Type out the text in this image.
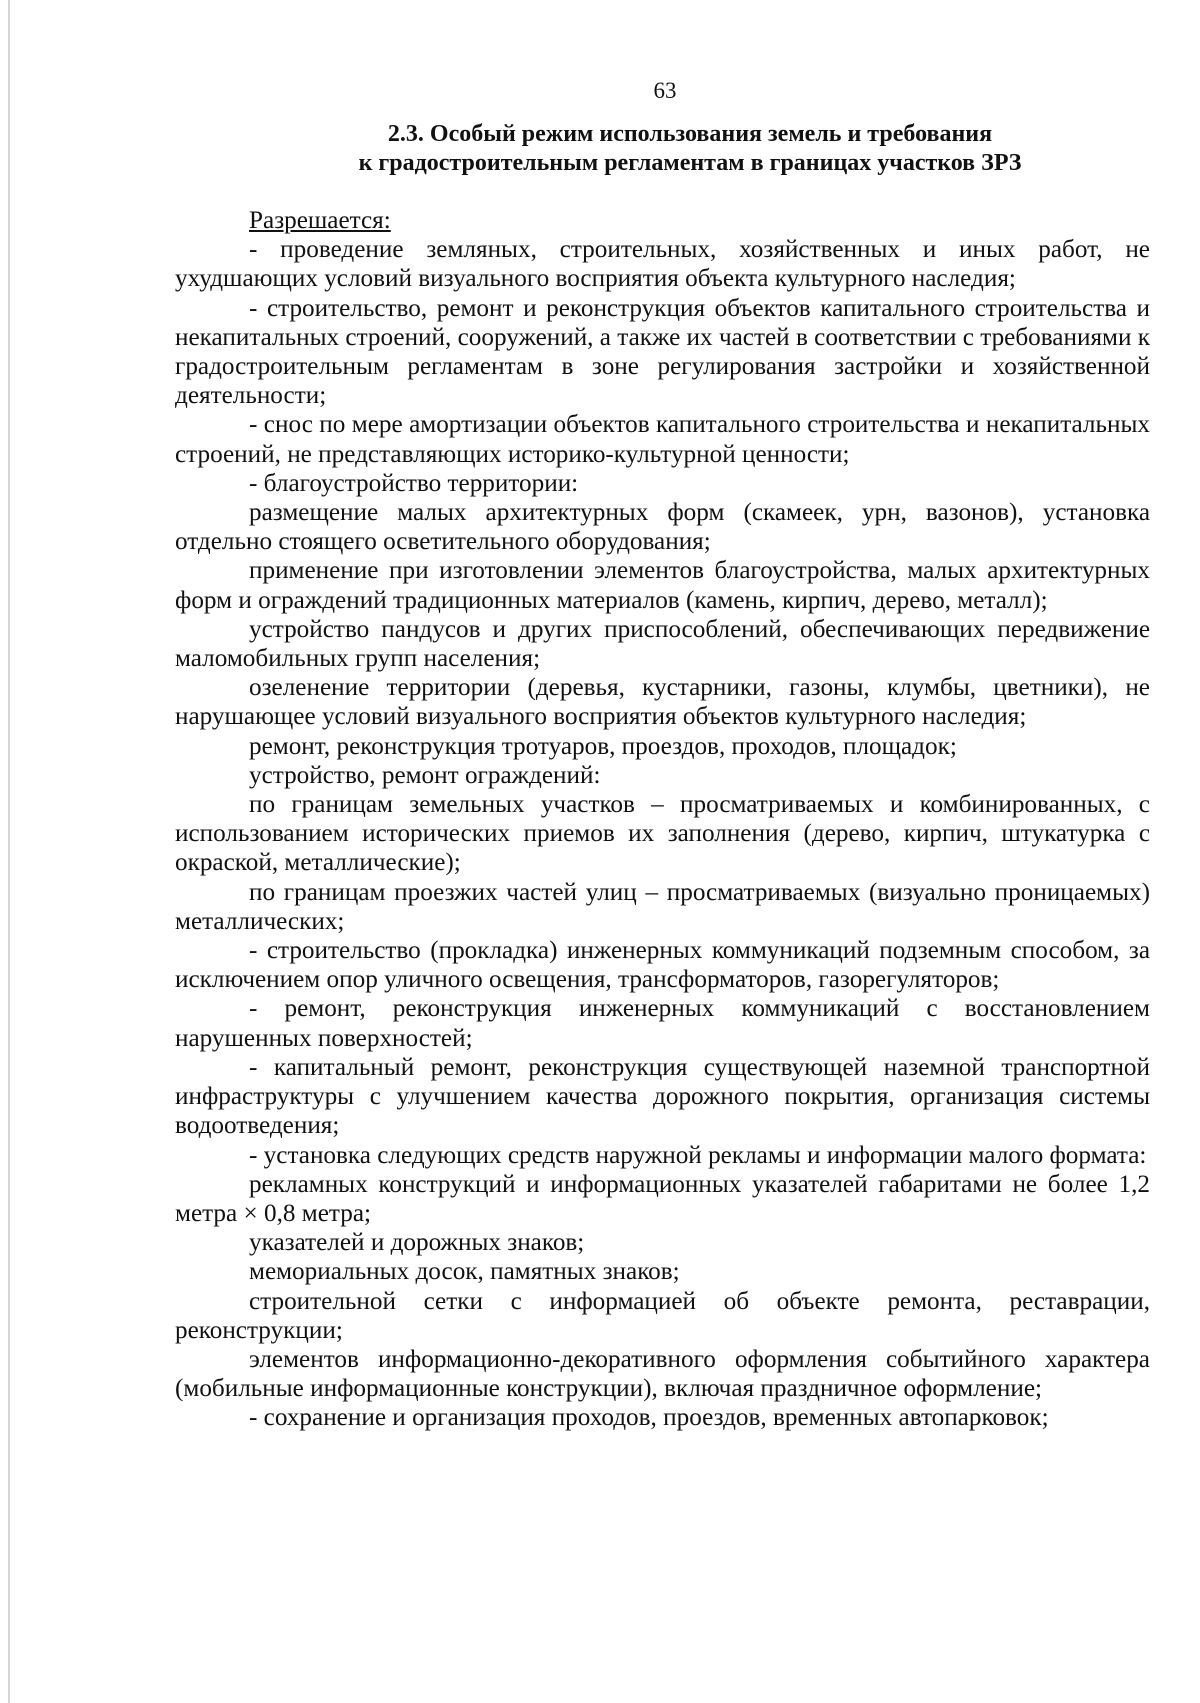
63
2.3. Особый режим использования земель и требования
к градостроительным регламентам в границах участков ЗРЗ

Разрешается:

- проведение земляных, строительных, хозяйственных и иных работ, не ухудшающих условий визуального восприятия объекта культурного наследия;

- строительство, ремонт и реконструкция объектов капитального строительства и некапитальных строений, сооружений, а также их частей в соответствии с требованиями к градостроительным регламентам в зоне регулирования застройки и хозяйственной деятельности;

- снос по мере амортизации объектов капитального строительства и некапитальных строений, не представляющих историко-культурной ценности;

- благоустройство территории:

размещение малых архитектурных форм (скамеек, урн, вазонов), установка отдельно стоящего осветительного оборудования;

применение при изготовлении элементов благоустройства, малых архитектурных форм и ограждений традиционных материалов (камень, кирпич, дерево, металл);

устройство пандусов и других приспособлений, обеспечивающих передвижение маломобильных групп населения;

озеленение территории (деревья, кустарники, газоны, клумбы, цветники), не нарушающее условий визуального восприятия объектов культурного наследия;

ремонт, реконструкция тротуаров, проездов, проходов, площадок;

устройство, ремонт ограждений:

по границам земельных участков – просматриваемых и комбинированных, с использованием исторических приемов их заполнения (дерево, кирпич, штукатурка с окраской, металлические);

по границам проезжих частей улиц – просматриваемых (визуально проницаемых) металлических;

- строительство (прокладка) инженерных коммуникаций подземным способом, за исключением опор уличного освещения, трансформаторов, газорегуляторов;

- ремонт, реконструкция инженерных коммуникаций с восстановлением нарушенных поверхностей;

- капитальный ремонт, реконструкция существующей наземной транспортной инфраструктуры с улучшением качества дорожного покрытия, организация системы водоотведения;

- установка следующих средств наружной рекламы и информации малого формата:

рекламных конструкций и информационных указателей габаритами не более 1,2 метра × 0,8 метра;

указателей и дорожных знаков;

мемориальных досок, памятных знаков;

строительной сетки с информацией об объекте ремонта, реставрации, реконструкции;

элементов информационно-декоративного оформления событийного характера (мобильные информационные конструкции), включая праздничное оформление;

- сохранение и организация проходов, проездов, временных автопарковок;
